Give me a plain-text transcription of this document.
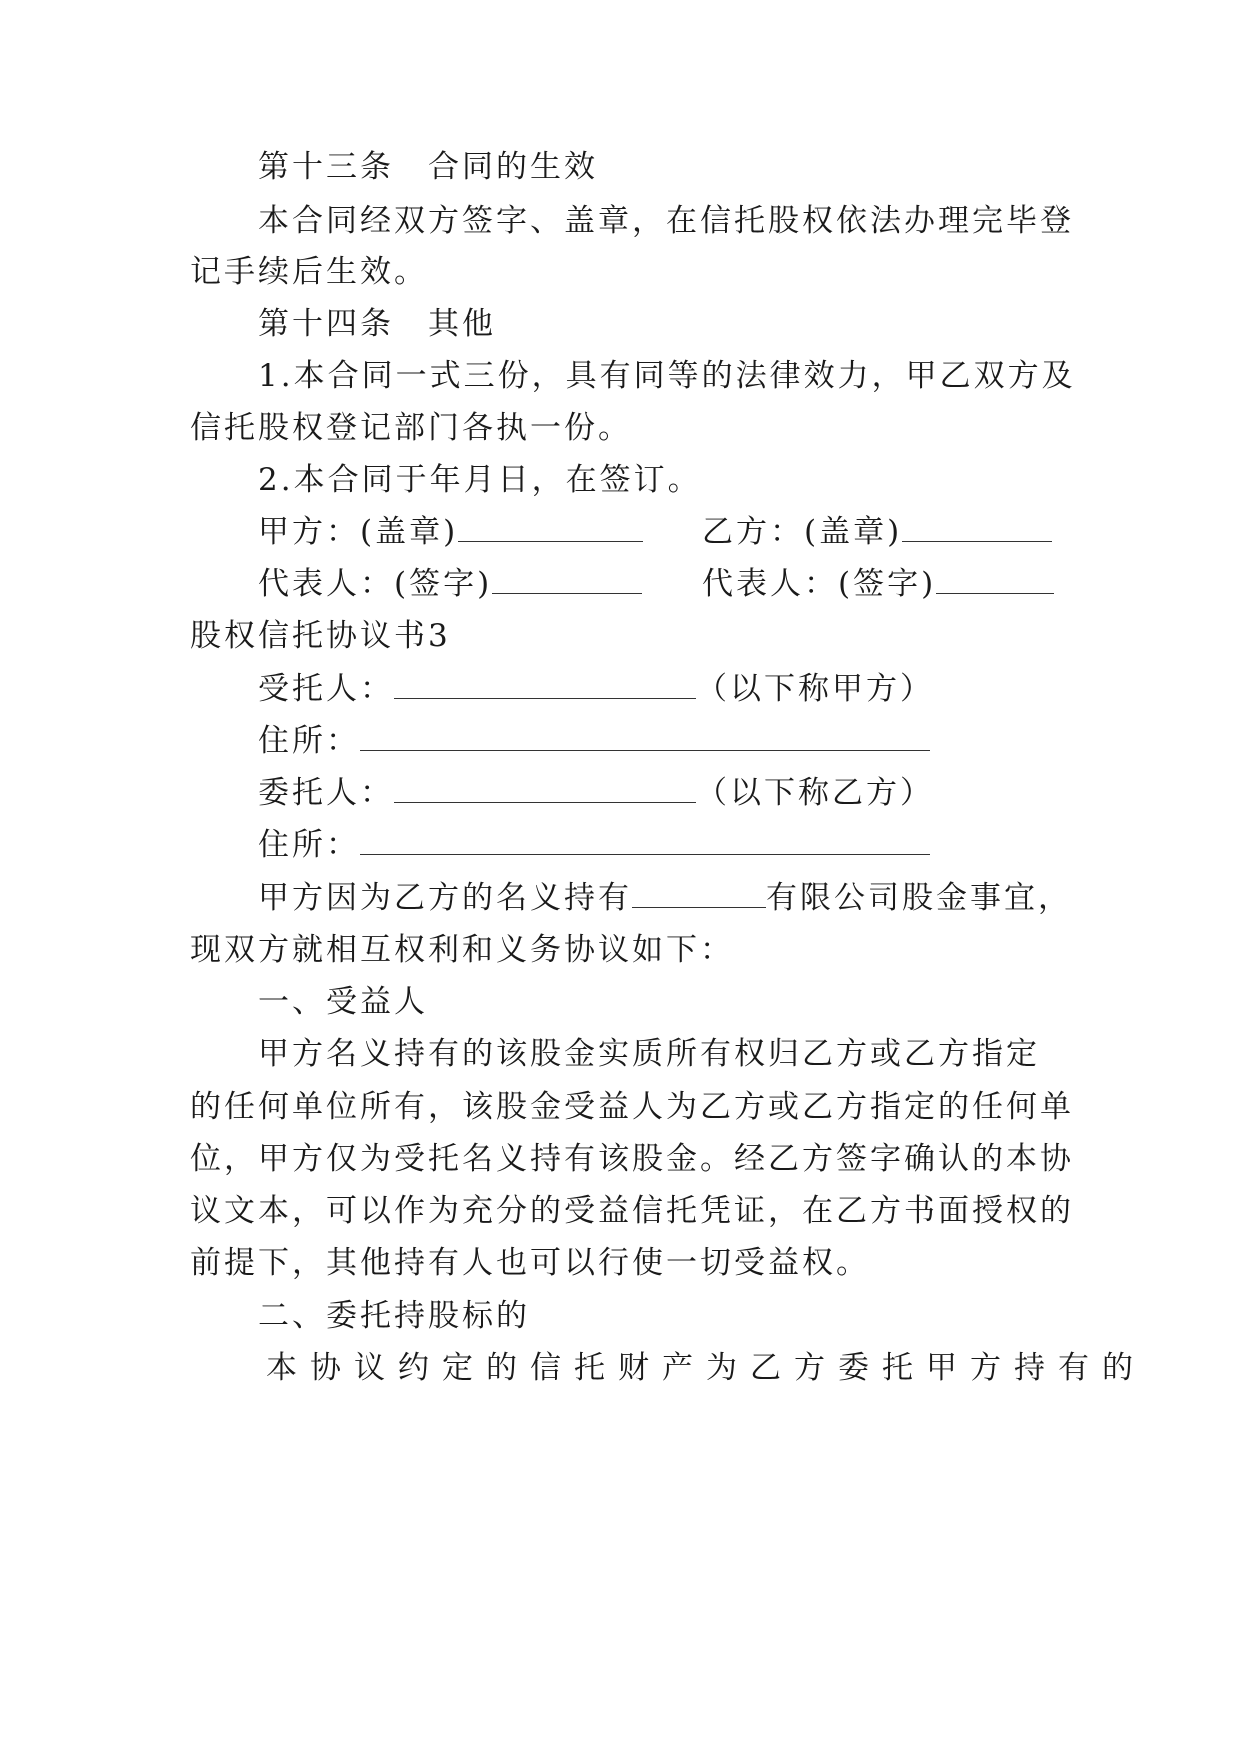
第十三条　合同的生效
本合同经双方签字、盖章，在信托股权依法办理完毕登
记手续后生效。
第十四条　其他
1.本合同一式三份，具有同等的法律效力，甲乙双方及
信托股权登记部门各执一份。
2.本合同于年月日，在签订。
甲方：(盖章)	乙方：(盖章)
代表人：(签字)	代表人：(签字)
股权信托协议书3
受托人：	（以下称甲方）
住所：
委托人：	（以下称乙方）
住所：
甲方因为乙方的名义持有	有限公司股金事宜，
现双方就相互权利和义务协议如下：
一、受益人
甲方名义持有的该股金实质所有权归乙方或乙方指定
的任何单位所有，该股金受益人为乙方或乙方指定的任何单
位，甲方仅为受托名义持有该股金。经乙方签字确认的本协
议文本，可以作为充分的受益信托凭证，在乙方书面授权的
前提下，其他持有人也可以行使一切受益权。
二、委托持股标的
本协议约定的信托财产为乙方委托甲方持有的
